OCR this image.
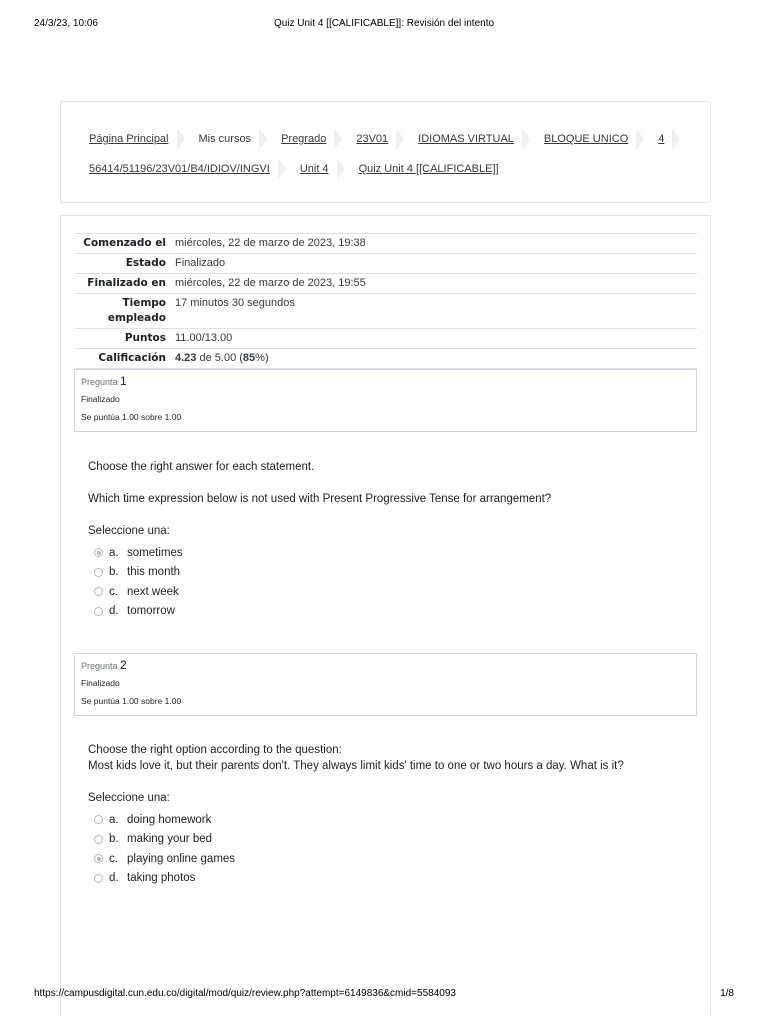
24/3/23, 10:06	Quiz Unit 4 [[CALIFICABLE]]: Revisión del intento
Página Principal	Mis cursos	Pregrado	23V01	IDIOMAS VIRTUAL	BLOQUE UNICO	4
56414/51196/23V01/B4/IDIOV/INGVI	Unit 4	Quiz Unit 4 [[CALIFICABLE]]
Comenzado el	miércoles, 22 de marzo de 2023, 19:38
Estado	Finalizado
Finalizado en	miércoles, 22 de marzo de 2023, 19:55
Tiempo
empleado	17 minutos 30 segundos
Puntos	11.00/13.00
Calificación	4.23 de 5.00 (85%)
Pregunta 1
Finalizado
Se puntúa 1.00 sobre 1.00
Choose the right answer for each statement.
Which time expression below is not used with Present Progressive Tense for arrangement?
Seleccione una:
a. sometimes
b. this month
c. next week
d. tomorrow
Pregunta 2
Finalizado
Se puntúa 1.00 sobre 1.00
Choose the right option according to the question:
Most kids love it, but their parents don't. They always limit kids' time to one or two hours a day. What is it?
Seleccione una:
a. doing homework
b. making your bed
c. playing online games
d. taking photos
https://campusdigital.cun.edu.co/digital/mod/quiz/review.php?attempt=6149836&cmid=5584093	1/8
